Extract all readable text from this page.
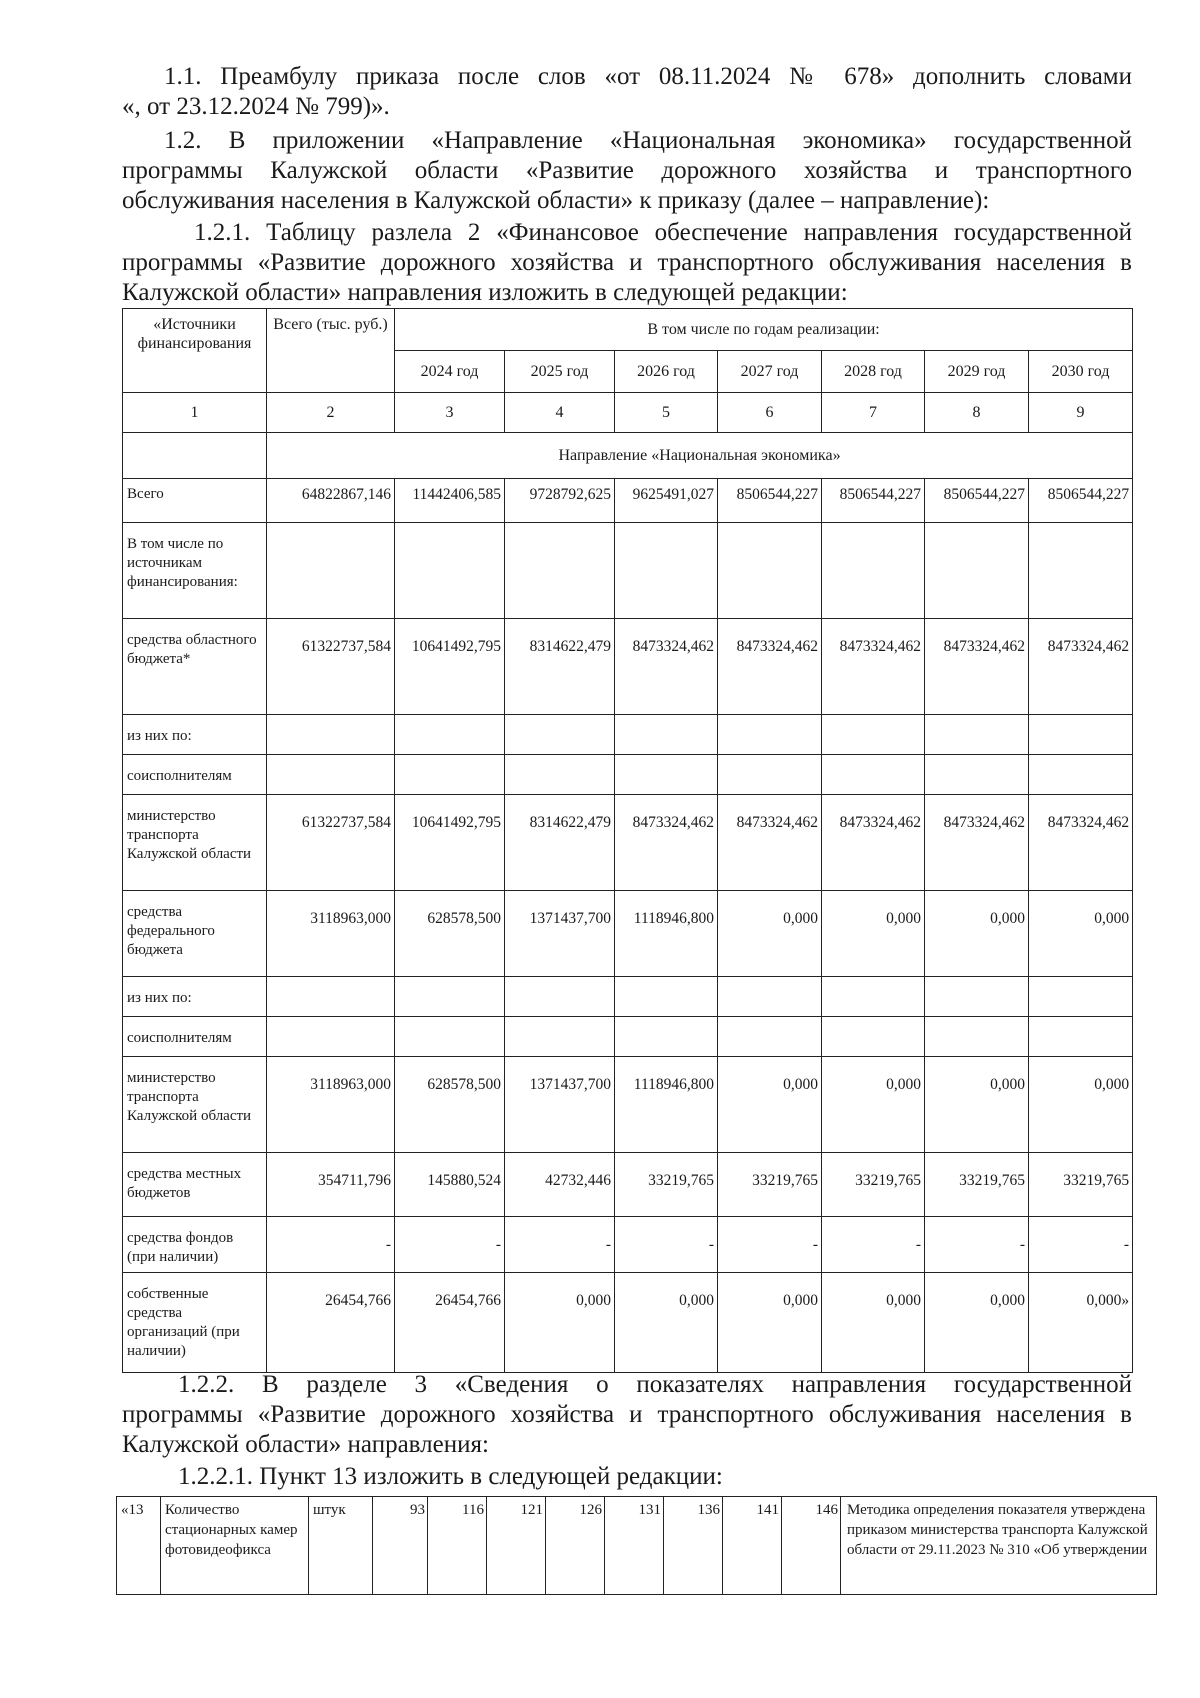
1.1. Преамбулу приказа после слов «от 08.11.2024 № 678» дополнить словами
«, от 23.12.2024 № 799)».
1.2. В приложении «Направление «Национальная экономика» государственной
программы Калужской области «Развитие дорожного хозяйства и транспортного
обслуживания населения в Калужской области» к приказу (далее – направление):
1.2.1. Таблицу разлела 2 «Финансовое обеспечение направления государственной
программы «Развитие дорожного хозяйства и транспортного обслуживания населения в
Калужской области» направления изложить в следующей редакции:
«Источники финансирования	Всего (тыс. руб.)	В том числе по годам реализации:						
		2024 год	2025 год	2026 год	2027 год	2028 год	2029 год	2030 год
1	2	3	4	5	6	7	8	9
	Направление «Национальная экономика»							
Всего	64822867,146	11442406,585	9728792,625	9625491,027	8506544,227	8506544,227	8506544,227	8506544,227
В том числе по источникам финансирования:								
средства областного бюджета*	61322737,584	10641492,795	8314622,479	8473324,462	8473324,462	8473324,462	8473324,462	8473324,462
из них по:								
соисполнителям								
министерство транспорта Калужской области	61322737,584	10641492,795	8314622,479	8473324,462	8473324,462	8473324,462	8473324,462	8473324,462
средства федерального бюджета	3118963,000	628578,500	1371437,700	1118946,800	0,000	0,000	0,000	0,000
из них по:								
соисполнителям								
министерство транспорта Калужской области	3118963,000	628578,500	1371437,700	1118946,800	0,000	0,000	0,000	0,000
средства местных бюджетов	354711,796	145880,524	42732,446	33219,765	33219,765	33219,765	33219,765	33219,765
средства фондов (при наличии)	-	-	-	-	-	-	-	-
собственные средства организаций (при наличии)	26454,766	26454,766	0,000	0,000	0,000	0,000	0,000	0,000»
1.2.2. В разделе 3 «Сведения о показателях направления государственной
программы «Развитие дорожного хозяйства и транспортного обслуживания населения в
Калужской области» направления:
1.2.2.1. Пункт 13 изложить в следующей редакции:
«13	Количество стационарных камер фотовидеофикса	штук	93	116	121	126	131	136	141	146	Методика определения показателя утверждена приказом министерства транспорта Калужской области от 29.11.2023 № 310 «Об утверждении
